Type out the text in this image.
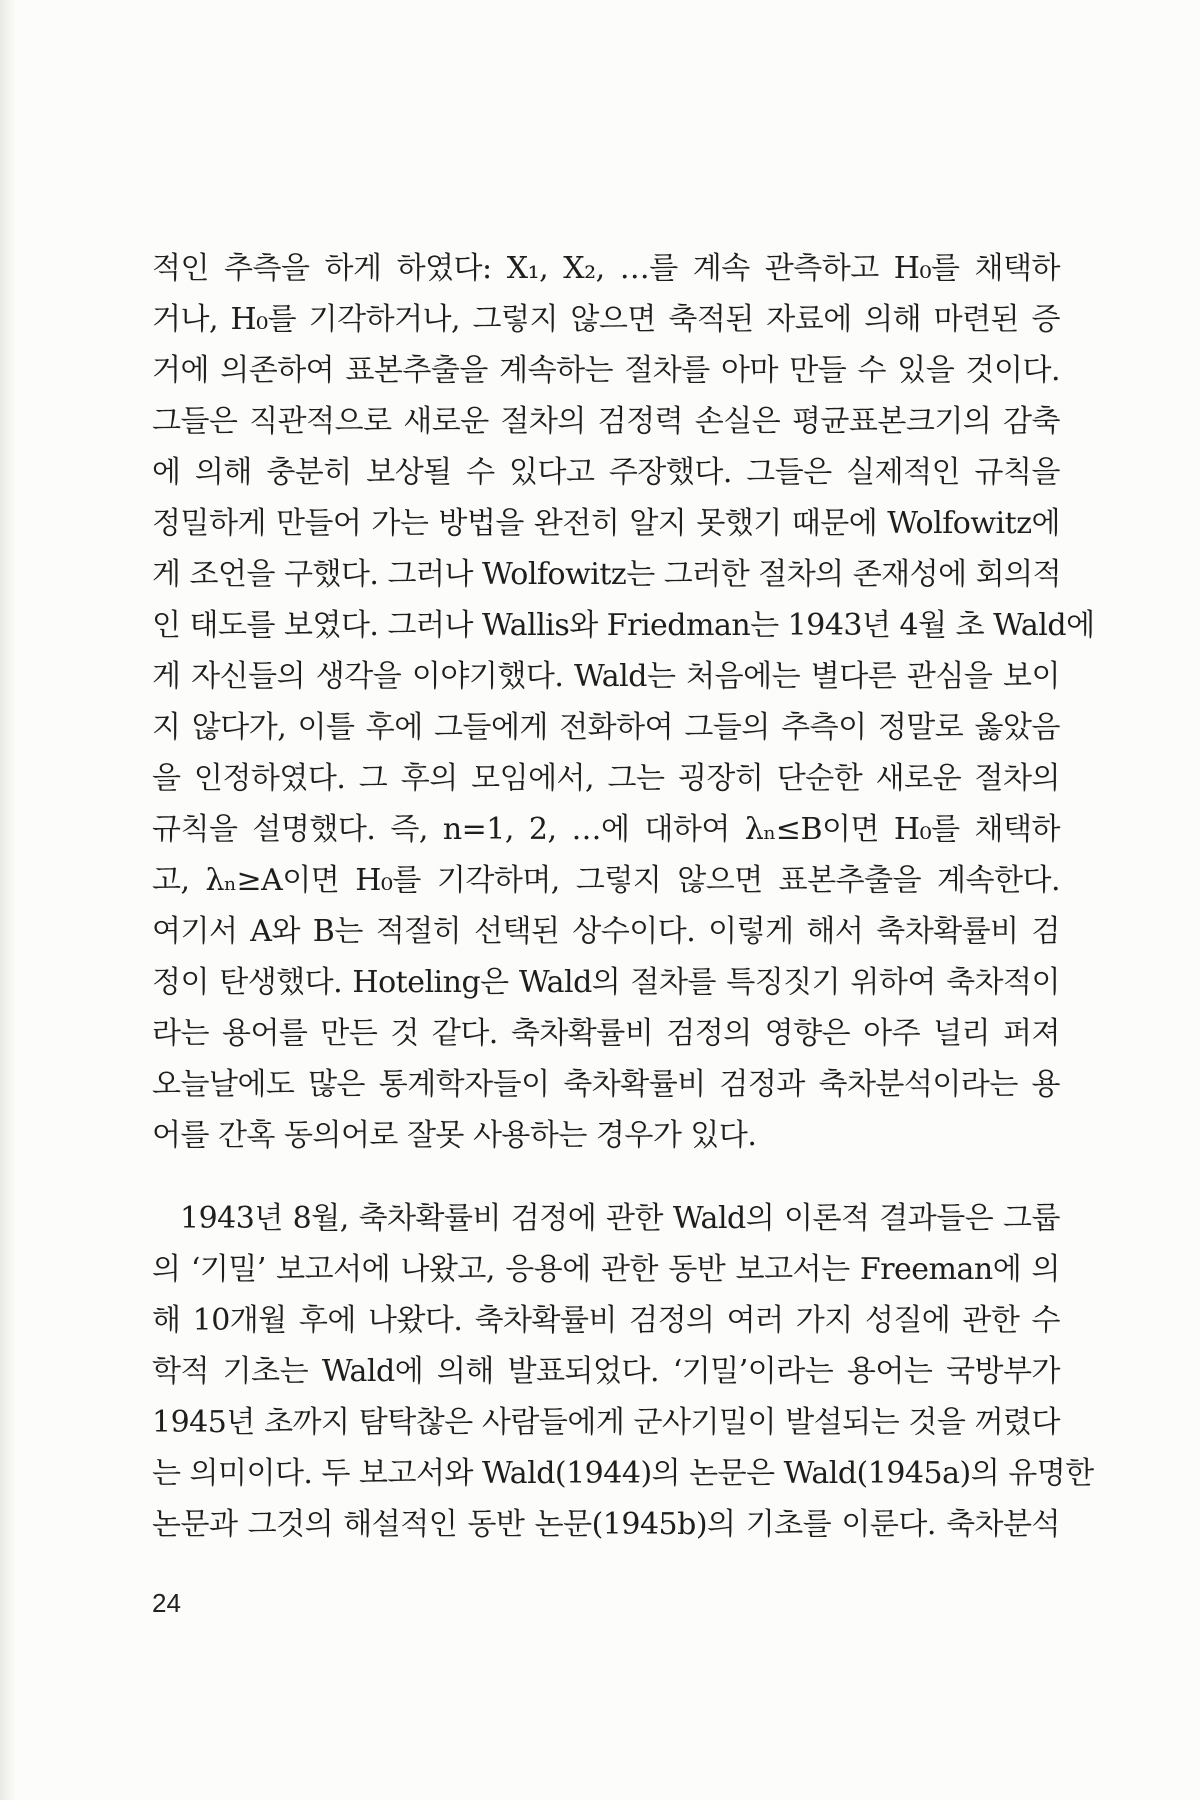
적인 추측을 하게 하였다: X₁, X₂, …를 계속 관측하고 H₀를 채택하
거나, H₀를 기각하거나, 그렇지 않으면 축적된 자료에 의해 마련된 증
거에 의존하여 표본추출을 계속하는 절차를 아마 만들 수 있을 것이다.
그들은 직관적으로 새로운 절차의 검정력 손실은 평균표본크기의 감축
에 의해 충분히 보상될 수 있다고 주장했다. 그들은 실제적인 규칙을
정밀하게 만들어 가는 방법을 완전히 알지 못했기 때문에 Wolfowitz에
게 조언을 구했다. 그러나 Wolfowitz는 그러한 절차의 존재성에 회의적
인 태도를 보였다. 그러나 Wallis와 Friedman는 1943년 4월 초 Wald에
게 자신들의 생각을 이야기했다. Wald는 처음에는 별다른 관심을 보이
지 않다가, 이틀 후에 그들에게 전화하여 그들의 추측이 정말로 옳았음
을 인정하였다. 그 후의 모임에서, 그는 굉장히 단순한 새로운 절차의
규칙을 설명했다. 즉, n=1, 2, …에 대하여 λₙ≤B이면 H₀를 채택하
고, λₙ≥A이면 H₀를 기각하며, 그렇지 않으면 표본추출을 계속한다.
여기서 A와 B는 적절히 선택된 상수이다. 이렇게 해서 축차확률비 검
정이 탄생했다. Hoteling은 Wald의 절차를 특징짓기 위하여 축차적이
라는 용어를 만든 것 같다. 축차확률비 검정의 영향은 아주 널리 퍼져
오늘날에도 많은 통계학자들이 축차확률비 검정과 축차분석이라는 용
어를 간혹 동의어로 잘못 사용하는 경우가 있다.
1943년 8월, 축차확률비 검정에 관한 Wald의 이론적 결과들은 그룹
의 ‘기밀’ 보고서에 나왔고, 응용에 관한 동반 보고서는 Freeman에 의
해 10개월 후에 나왔다. 축차확률비 검정의 여러 가지 성질에 관한 수
학적 기초는 Wald에 의해 발표되었다. ‘기밀’이라는 용어는 국방부가
1945년 초까지 탐탁찮은 사람들에게 군사기밀이 발설되는 것을 꺼렸다
는 의미이다. 두 보고서와 Wald(1944)의 논문은 Wald(1945a)의 유명한
논문과 그것의 해설적인 동반 논문(1945b)의 기초를 이룬다. 축차분석
24
